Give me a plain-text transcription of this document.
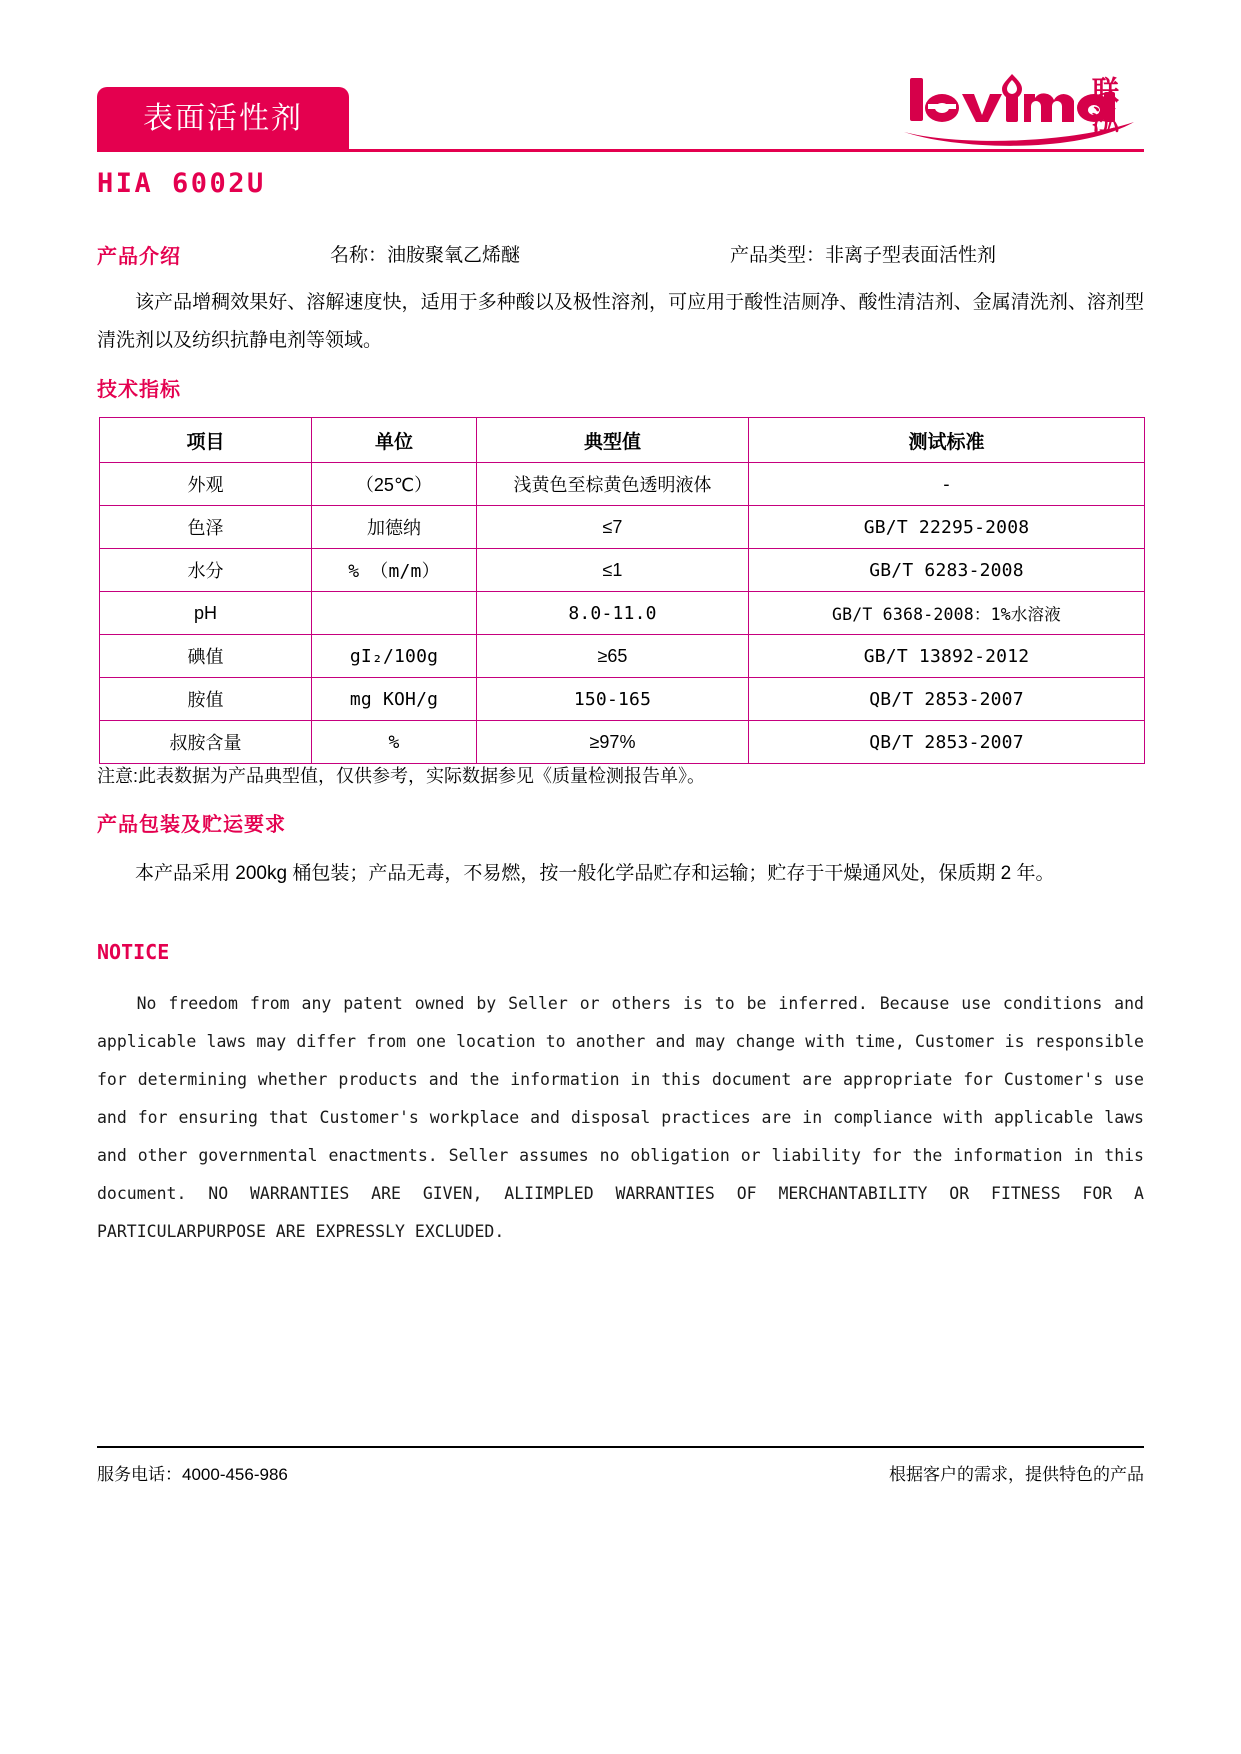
表面活性剂
联
泓
HIA 6002U
产品介绍	名称：油胺聚氧乙烯醚	产品类型：非离子型表面活性剂
该产品增稠效果好、溶解速度快，适用于多种酸以及极性溶剂，可应用于酸性洁厕净、酸性清洁剂、金属清洗剂、溶剂型清洗剂以及纺织抗静电剂等领域。
技术指标
项目	单位	典型值	测试标准
外观	（25℃）	浅黄色至棕黄色透明液体	-
色泽	加德纳	≤7	GB/T 22295-2008
水分	% （m/m）	≤1	GB/T 6283-2008
pH		8.0-11.0	GB/T 6368-2008：1%水溶液
碘值	gI₂/100g	≥65	GB/T 13892-2012
胺值	mg KOH/g	150-165	QB/T 2853-2007
叔胺含量	%	≥97%	QB/T 2853-2007
注意:此表数据为产品典型值，仅供参考，实际数据参见《质量检测报告单》。
产品包装及贮运要求
本产品采用 200kg 桶包装；产品无毒，不易燃，按一般化学品贮存和运输；贮存于干燥通风处，保质期 2 年。
NOTICE
No freedom from any patent owned by Seller or others is to be inferred. Because use conditions and applicable laws may differ from one location to another and may change with time, Customer is responsible for determining whether products and the information in this document are appropriate for Customer's use and for ensuring that Customer's workplace and disposal practices are in compliance with applicable laws and other governmental enactments. Seller assumes no obligation or liability for the information in this document. NO WARRANTIES ARE GIVEN, ALIIMPLED WARRANTIES OF MERCHANTABILITY OR FITNESS FOR A PARTICULARPURPOSE ARE EXPRESSLY EXCLUDED.
服务电话：4000-456-986	根据客户的需求，提供特色的产品
